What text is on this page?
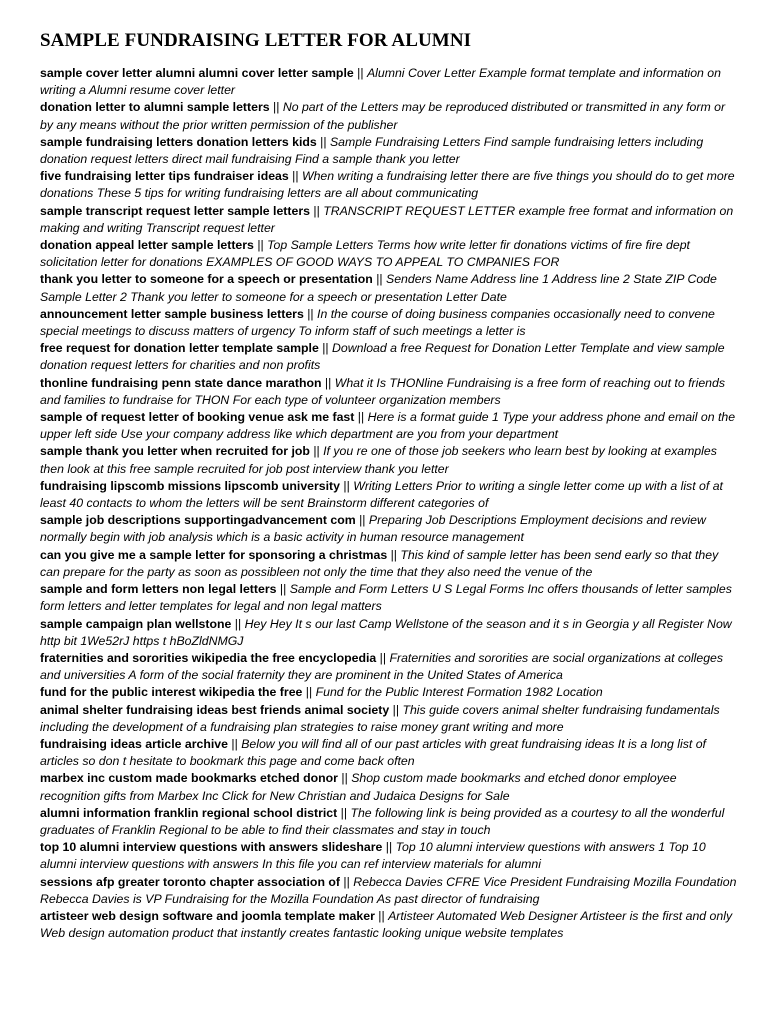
SAMPLE FUNDRAISING LETTER FOR ALUMNI

sample cover letter alumni alumni cover letter sample || Alumni Cover Letter Example format template and information on writing a Alumni resume cover letter

donation letter to alumni sample letters || No part of the Letters may be reproduced distributed or transmitted in any form or by any means without the prior written permission of the publisher

sample fundraising letters donation letters kids || Sample Fundraising Letters Find sample fundraising letters including donation request letters direct mail fundraising Find a sample thank you letter

five fundraising letter tips fundraiser ideas || When writing a fundraising letter there are five things you should do to get more donations These 5 tips for writing fundraising letters are all about communicating

sample transcript request letter sample letters || TRANSCRIPT REQUEST LETTER example free format and information on making and writing Transcript request letter

donation appeal letter sample letters || Top Sample Letters Terms how write letter fir donations victims of fire fire dept solicitation letter for donations EXAMPLES OF GOOD WAYS TO APPEAL TO CMPANIES FOR

thank you letter to someone for a speech or presentation || Senders Name Address line 1 Address line 2 State ZIP Code Sample Letter 2 Thank you letter to someone for a speech or presentation Letter Date

announcement letter sample business letters || In the course of doing business companies occasionally need to convene special meetings to discuss matters of urgency To inform staff of such meetings a letter is

free request for donation letter template sample || Download a free Request for Donation Letter Template and view sample donation request letters for charities and non profits

thonline fundraising penn state dance marathon || What it Is THONline Fundraising is a free form of reaching out to friends and families to fundraise for THON For each type of volunteer organization members

sample of request letter of booking venue ask me fast || Here is a format guide 1 Type your address phone and email on the upper left side Use your company address like which department are you from your department

sample thank you letter when recruited for job || If you re one of those job seekers who learn best by looking at examples then look at this free sample recruited for job post interview thank you letter

fundraising lipscomb missions lipscomb university || Writing Letters Prior to writing a single letter come up with a list of at least 40 contacts to whom the letters will be sent Brainstorm different categories of

sample job descriptions supportingadvancement com || Preparing Job Descriptions Employment decisions and review normally begin with job analysis which is a basic activity in human resource management

can you give me a sample letter for sponsoring a christmas || This kind of sample letter has been send early so that they can prepare for the party as soon as possibleen not only the time that they also need the venue of the

sample and form letters non legal letters || Sample and Form Letters U S Legal Forms Inc offers thousands of letter samples form letters and letter templates for legal and non legal matters

sample campaign plan wellstone || Hey Hey It s our last Camp Wellstone of the season and it s in Georgia y all Register Now http bit 1We52rJ https t hBoZldNMGJ

fraternities and sororities wikipedia the free encyclopedia || Fraternities and sororities are social organizations at colleges and universities A form of the social fraternity they are prominent in the United States of America

fund for the public interest wikipedia the free || Fund for the Public Interest Formation 1982 Location

animal shelter fundraising ideas best friends animal society || This guide covers animal shelter fundraising fundamentals including the development of a fundraising plan strategies to raise money grant writing and more

fundraising ideas article archive || Below you will find all of our past articles with great fundraising ideas It is a long list of articles so don t hesitate to bookmark this page and come back often

marbex inc custom made bookmarks etched donor || Shop custom made bookmarks and etched donor employee recognition gifts from Marbex Inc Click for New Christian and Judaica Designs for Sale

alumni information franklin regional school district || The following link is being provided as a courtesy to all the wonderful graduates of Franklin Regional to be able to find their classmates and stay in touch

top 10 alumni interview questions with answers slideshare || Top 10 alumni interview questions with answers 1 Top 10 alumni interview questions with answers In this file you can ref interview materials for alumni

sessions afp greater toronto chapter association of || Rebecca Davies CFRE Vice President Fundraising Mozilla Foundation Rebecca Davies is VP Fundraising for the Mozilla Foundation As past director of fundraising

artisteer web design software and joomla template maker || Artisteer Automated Web Designer Artisteer is the first and only Web design automation product that instantly creates fantastic looking unique website templates
